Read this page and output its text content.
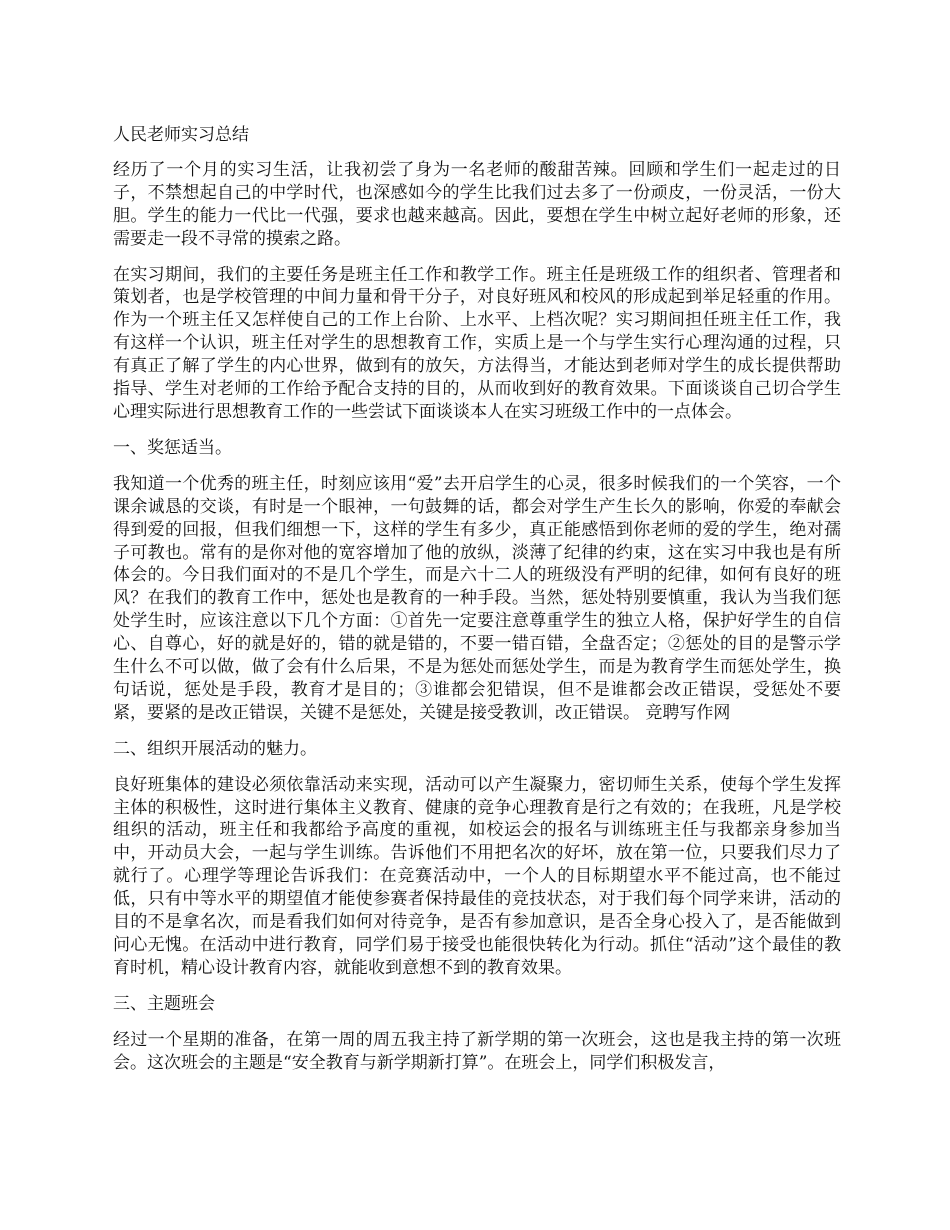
人民老师实习总结

经历了一个月的实习生活，让我初尝了身为一名老师的酸甜苦辣。回顾和学生们一起走过的日子，不禁想起自己的中学时代，也深感如今的学生比我们过去多了一份顽皮，一份灵活，一份大胆。学生的能力一代比一代强，要求也越来越高。因此，要想在学生中树立起好老师的形象，还需要走一段不寻常的摸索之路。

在实习期间，我们的主要任务是班主任工作和教学工作。班主任是班级工作的组织者、管理者和策划者，也是学校管理的中间力量和骨干分子，对良好班风和校风的形成起到举足轻重的作用。作为一个班主任又怎样使自己的工作上台阶、上水平、上档次呢？实习期间担任班主任工作，我有这样一个认识，班主任对学生的思想教育工作，实质上是一个与学生实行心理沟通的过程，只有真正了解了学生的内心世界，做到有的放矢，方法得当，才能达到老师对学生的成长提供帮助指导、学生对老师的工作给予配合支持的目的，从而收到好的教育效果。下面谈谈自己切合学生心理实际进行思想教育工作的一些尝试下面谈谈本人在实习班级工作中的一点体会。

一、奖惩适当。

我知道一个优秀的班主任，时刻应该用“爱”去开启学生的心灵，很多时候我们的一个笑容，一个课余诚恳的交谈，有时是一个眼神，一句鼓舞的话，都会对学生产生长久的影响，你爱的奉献会得到爱的回报，但我们细想一下，这样的学生有多少，真正能感悟到你老师的爱的学生，绝对孺子可教也。常有的是你对他的宽容增加了他的放纵，淡薄了纪律的约束，这在实习中我也是有所体会的。今日我们面对的不是几个学生，而是六十二人的班级没有严明的纪律，如何有良好的班风？在我们的教育工作中，惩处也是教育的一种手段。当然，惩处特别要慎重，我认为当我们惩处学生时，应该注意以下几个方面：①首先一定要注意尊重学生的独立人格，保护好学生的自信心、自尊心，好的就是好的，错的就是错的，不要一错百错，全盘否定；②惩处的目的是警示学生什么不可以做，做了会有什么后果，不是为惩处而惩处学生，而是为教育学生而惩处学生，换句话说，惩处是手段，教育才是目的；③谁都会犯错误，但不是谁都会改正错误，受惩处不要紧，要紧的是改正错误，关键不是惩处，关键是接受教训，改正错误。 竞聘写作网

二、组织开展活动的魅力。

良好班集体的建设必须依靠活动来实现，活动可以产生凝聚力，密切师生关系，使每个学生发挥主体的积极性，这时进行集体主义教育、健康的竞争心理教育是行之有效的；在我班，凡是学校组织的活动，班主任和我都给予高度的重视，如校运会的报名与训练班主任与我都亲身参加当中，开动员大会，一起与学生训练。告诉他们不用把名次的好坏，放在第一位，只要我们尽力了就行了。心理学等理论告诉我们：在竞赛活动中，一个人的目标期望水平不能过高，也不能过低，只有中等水平的期望值才能使参赛者保持最佳的竞技状态，对于我们每个同学来讲，活动的目的不是拿名次，而是看我们如何对待竞争，是否有参加意识，是否全身心投入了，是否能做到问心无愧。在活动中进行教育，同学们易于接受也能很快转化为行动。抓住“活动”这个最佳的教育时机，精心设计教育内容，就能收到意想不到的教育效果。

三、主题班会

经过一个星期的准备，在第一周的周五我主持了新学期的第一次班会，这也是我主持的第一次班会。这次班会的主题是“安全教育与新学期新打算”。在班会上，同学们积极发言，
